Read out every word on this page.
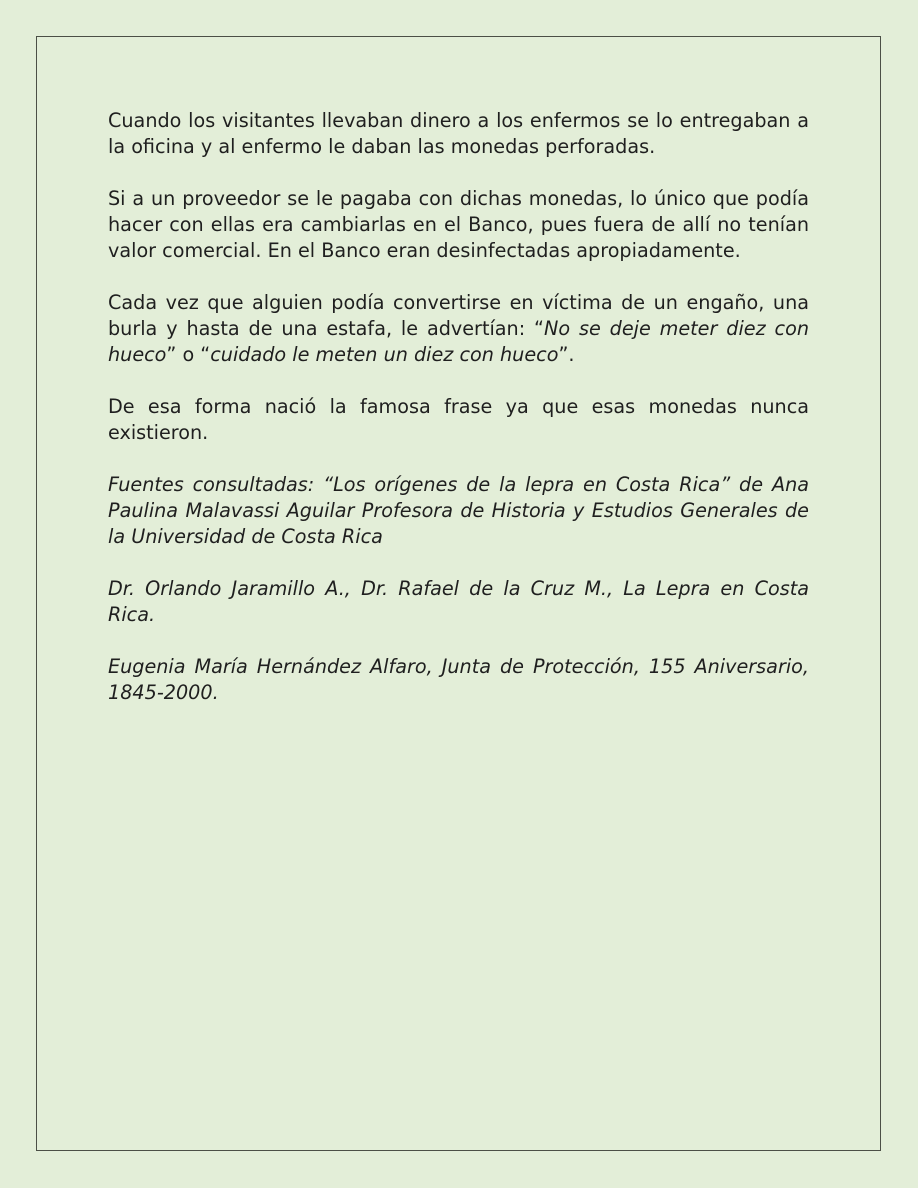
Cuando los visitantes llevaban dinero a los enfermos se lo entregaban a la oficina y al enfermo le daban las monedas perforadas.

Si a un proveedor se le pagaba con dichas monedas, lo único que podía hacer con ellas era cambiarlas en el Banco, pues fuera de allí no tenían valor comercial. En el Banco eran desinfectadas apropiadamente.

Cada vez que alguien podía convertirse en víctima de un engaño, una burla y hasta de una estafa, le advertían: “No se deje meter diez con hueco” o “cuidado le meten un diez con hueco”.

De esa forma nació la famosa frase ya que esas monedas nunca existieron.

Fuentes consultadas: “Los orígenes de la lepra en Costa Rica” de Ana Paulina Malavassi Aguilar Profesora de Historia y Estudios Generales de la Universidad de Costa Rica

Dr. Orlando Jaramillo A., Dr. Rafael de la Cruz M., La Lepra en Costa Rica.

Eugenia María Hernández Alfaro, Junta de Protección, 155 Aniversario, 1845-2000.
